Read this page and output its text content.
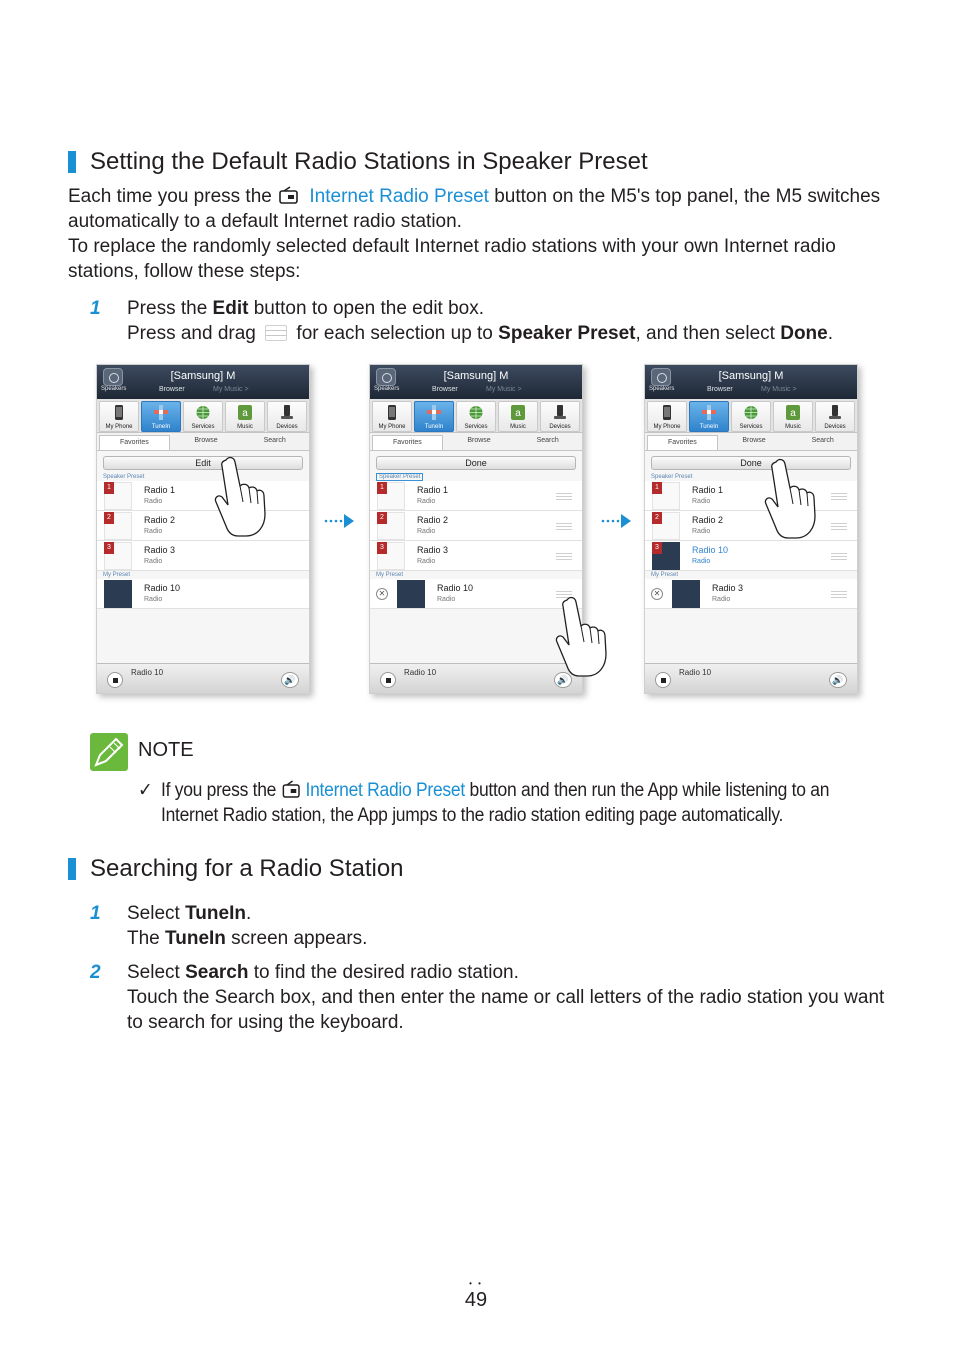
Setting the Default Radio Stations in Speaker Preset
Each time you press the Internet Radio Preset button on the M5's top panel, the M5 switches automatically to a default Internet radio station.
To replace the randomly selected default Internet radio stations with your own Internet radio stations, follow these steps:
1 Press the Edit button to open the edit box.
Press and drag for each selection up to Speaker Preset, and then select Done.
Speakers
[Samsung] M
Browser	My Music >
My Phone	TuneIn	Services
a
Music	Devices
Favorites	Browse	Search
Edit
Speaker Preset
1	Radio 1
Radio
2	Radio 2
Radio
3	Radio 3
Radio
My Preset
Radio 10
Radio
Radio 10
🔊
Speakers
[Samsung] M
Browser	My Music >
My Phone	TuneIn	Services
a
Music	Devices
Favorites	Browse	Search
Done
Speaker Preset
1	Radio 1
Radio
2	Radio 2
Radio
3	Radio 3
Radio
My Preset
✕
Radio 10
Radio
Radio 10
🔊
Speakers
[Samsung] M
Browser	My Music >
My Phone	TuneIn	Services
a
Music	Devices
Favorites	Browse	Search
Done
Speaker Preset
1	Radio 1
Radio
2	Radio 2
Radio
3	Radio 10
Radio
My Preset
✕
Radio 3
Radio
Radio 10
🔊
NOTE
✓ If you press the Internet Radio Preset button and then run the App while listening to an Internet Radio station, the App jumps to the radio station editing page automatically.
Searching for a Radio Station
1 Select TuneIn.
The TuneIn screen appears.
2 Select Search to find the desired radio station.
Touch the Search box, and then enter the name or call letters of the radio station you want to search for using the keyboard.
• •
49
